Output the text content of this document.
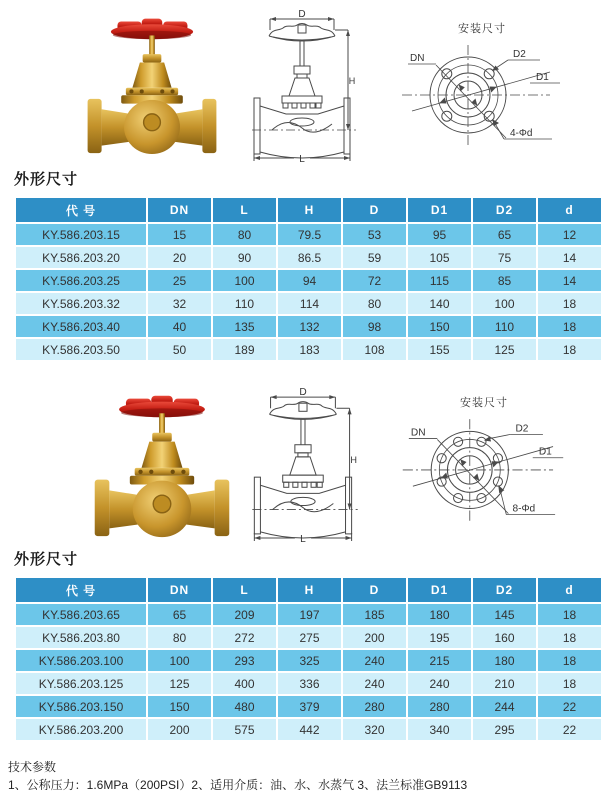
D
H
L
安装尺寸
DN	D2
D1
4-Φd
外形尺寸
代 号	DN	L	H	D	D1	D2	d
KY.586.203.15	15	80	79.5	53	95	65	12
KY.586.203.20	20	90	86.5	59	105	75	14
KY.586.203.25	25	100	94	72	115	85	14
KY.586.203.32	32	110	114	80	140	100	18
KY.586.203.40	40	135	132	98	150	110	18
KY.586.203.50	50	189	183	108	155	125	18
D
H
L
安装尺寸
DN	D2
D1
8-Φd
外形尺寸
代 号	DN	L	H	D	D1	D2	d
KY.586.203.65	65	209	197	185	180	145	18
KY.586.203.80	80	272	275	200	195	160	18
KY.586.203.100	100	293	325	240	215	180	18
KY.586.203.125	125	400	336	240	240	210	18
KY.586.203.150	150	480	379	280	280	244	22
KY.586.203.200	200	575	442	320	340	295	22
技术参数
1、公称压力：1.6MPa（200PSI）2、适用介质：油、水、水蒸气 3、法兰标准GB9113
